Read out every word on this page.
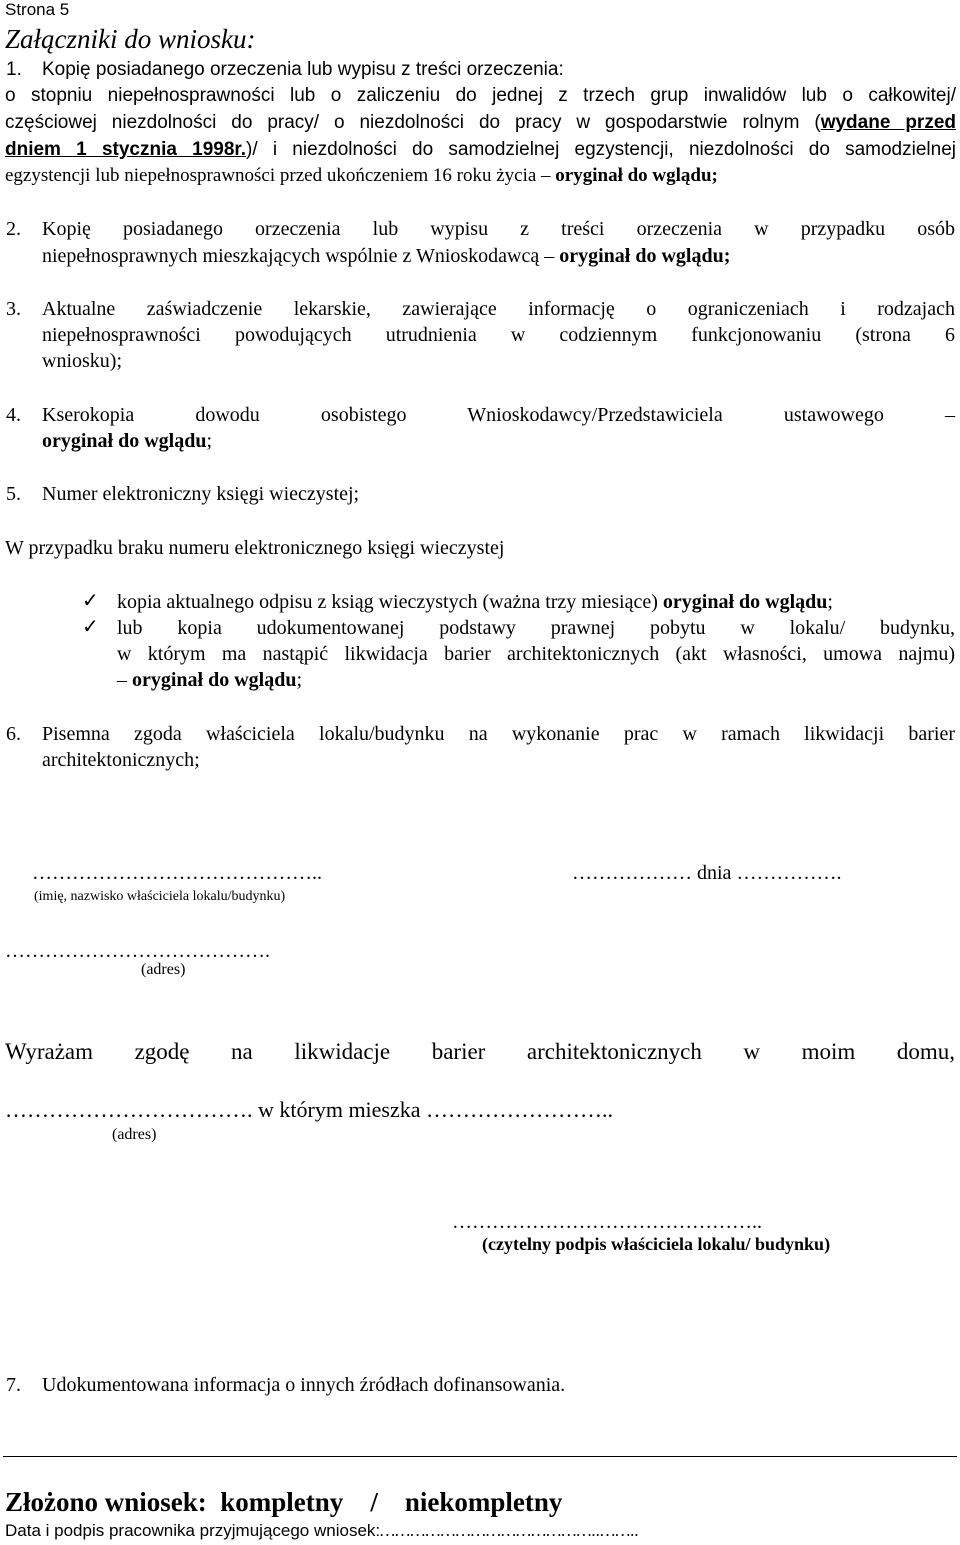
Strona 5
Załączniki do wniosku:
1. Kopię posiadanego orzeczenia lub wypisu z treści orzeczenia:
o stopniu niepełnosprawności lub o zaliczeniu do jednej z trzech grup inwalidów lub o całkowitej/
częściowej niezdolności do pracy/ o niezdolności do pracy w gospodarstwie rolnym (wydane przed
dniem 1 stycznia 1998r.)/ i niezdolności do samodzielnej egzystencji, niezdolności do samodzielnej
egzystencji lub niepełnosprawności przed ukończeniem 16 roku życia – oryginał do wglądu;
2. Kopię posiadanego orzeczenia lub wypisu z treści orzeczenia w przypadku osób
niepełnosprawnych mieszkających wspólnie z Wnioskodawcą – oryginał do wglądu;
3. Aktualne zaświadczenie lekarskie, zawierające informację o ograniczeniach i rodzajach
niepełnosprawności powodujących utrudnienia w codziennym funkcjonowaniu (strona 6
wniosku);
4. Kserokopia dowodu osobistego Wnioskodawcy/Przedstawiciela ustawowego –
oryginał do wglądu;
5. Numer elektroniczny księgi wieczystej;
W przypadku braku numeru elektronicznego księgi wieczystej
✓ kopia aktualnego odpisu z ksiąg wieczystych (ważna trzy miesiące) oryginał do wglądu;
✓ lub kopia udokumentowanej podstawy prawnej pobytu w lokalu/ budynku,
w którym ma nastąpić likwidacja barier architektonicznych (akt własności, umowa najmu)
– oryginał do wglądu;
6. Pisemna zgoda właściciela lokalu/budynku na wykonanie prac w ramach likwidacji barier
architektonicznych;
……………………………………..
(imię, nazwisko właściciela lokalu/budynku)
……………… dnia …………….
………………………………….
(adres)
Wyrażam zgodę na likwidacje barier architektonicznych w moim domu,
……………………………. w którym mieszka ……………………..
(adres)
………………………………………..
(czytelny podpis właściciela lokalu/ budynku)
7. Udokumentowana informacja o innych źródłach dofinansowania.
Złożono wniosek: kompletny / niekompletny
Data i podpis pracownika przyjmującego wniosek:……………………………………..……..
